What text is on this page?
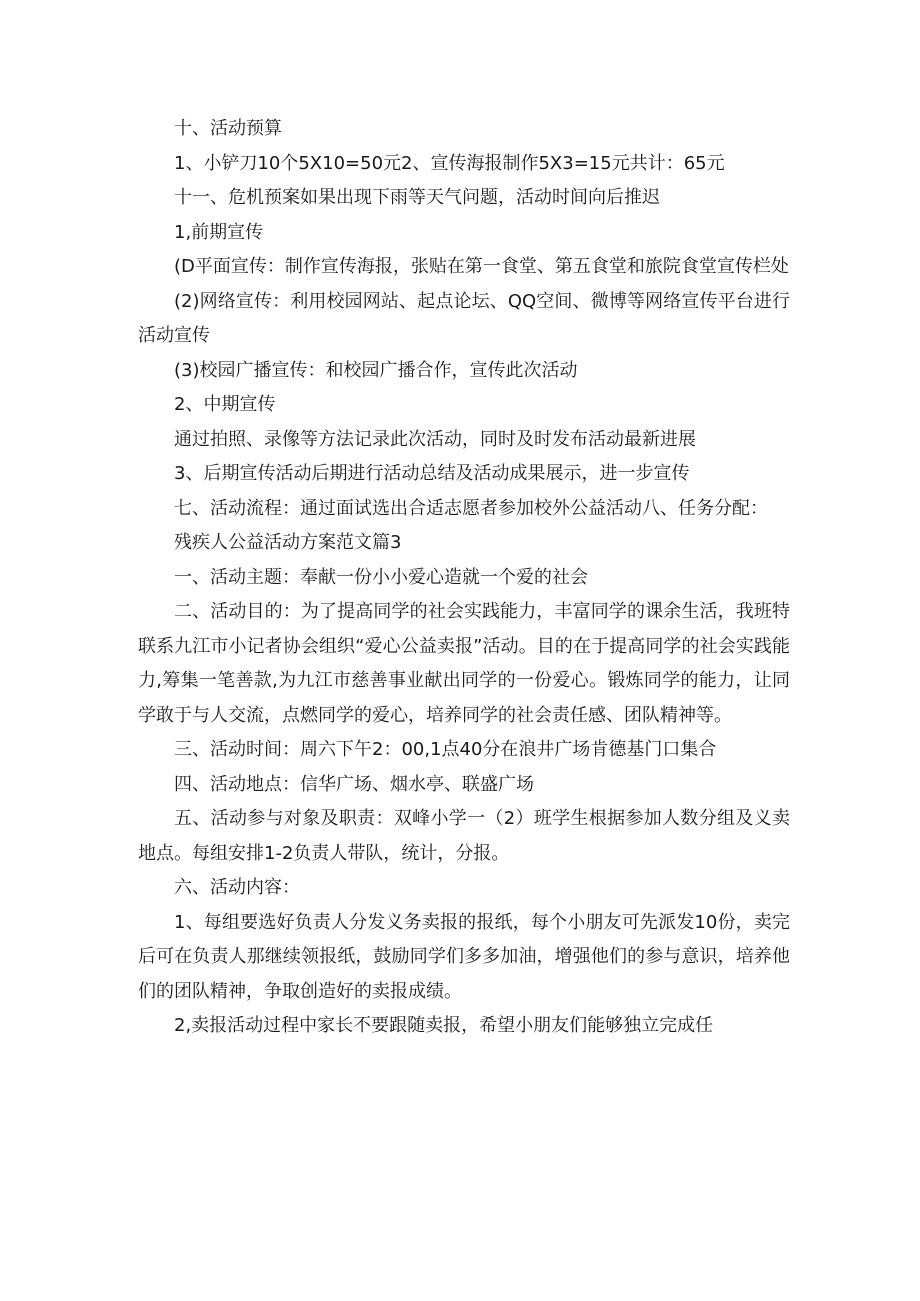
十、活动预算

1、小铲刀10个5X10=50元2、宣传海报制作5X3=15元共计：65元

十一、危机预案如果出现下雨等天气问题，活动时间向后推迟

1,前期宣传

(D平面宣传：制作宣传海报，张贴在第一食堂、第五食堂和旅院食堂宣传栏处

(2)网络宣传：利用校园网站、起点论坛、QQ空间、微博等网络宣传平台进行活动宣传

(3)校园广播宣传：和校园广播合作，宣传此次活动

2、中期宣传

通过拍照、录像等方法记录此次活动，同时及时发布活动最新进展

3、后期宣传活动后期进行活动总结及活动成果展示，进一步宣传

七、活动流程：通过面试选出合适志愿者参加校外公益活动八、任务分配：

残疾人公益活动方案范文篇3

一、活动主题：奉献一份小小爱心造就一个爱的社会

二、活动目的：为了提高同学的社会实践能力，丰富同学的课余生活，我班特联系九江市小记者协会组织“爱心公益卖报”活动。目的在于提高同学的社会实践能力,筹集一笔善款,为九江市慈善事业献出同学的一份爱心。锻炼同学的能力，让同学敢于与人交流，点燃同学的爱心，培养同学的社会责任感、团队精神等。

三、活动时间：周六下午2：00,1点40分在浪井广场肯德基门口集合

四、活动地点：信华广场、烟水亭、联盛广场

五、活动参与对象及职责：双峰小学一（2）班学生根据参加人数分组及义卖地点。每组安排1-2负责人带队，统计，分报。

六、活动内容：

1、每组要选好负责人分发义务卖报的报纸，每个小朋友可先派发10份，卖完后可在负责人那继续领报纸，鼓励同学们多多加油，增强他们的参与意识，培养他们的团队精神，争取创造好的卖报成绩。

2,卖报活动过程中家长不要跟随卖报，希望小朋友们能够独立完成任
